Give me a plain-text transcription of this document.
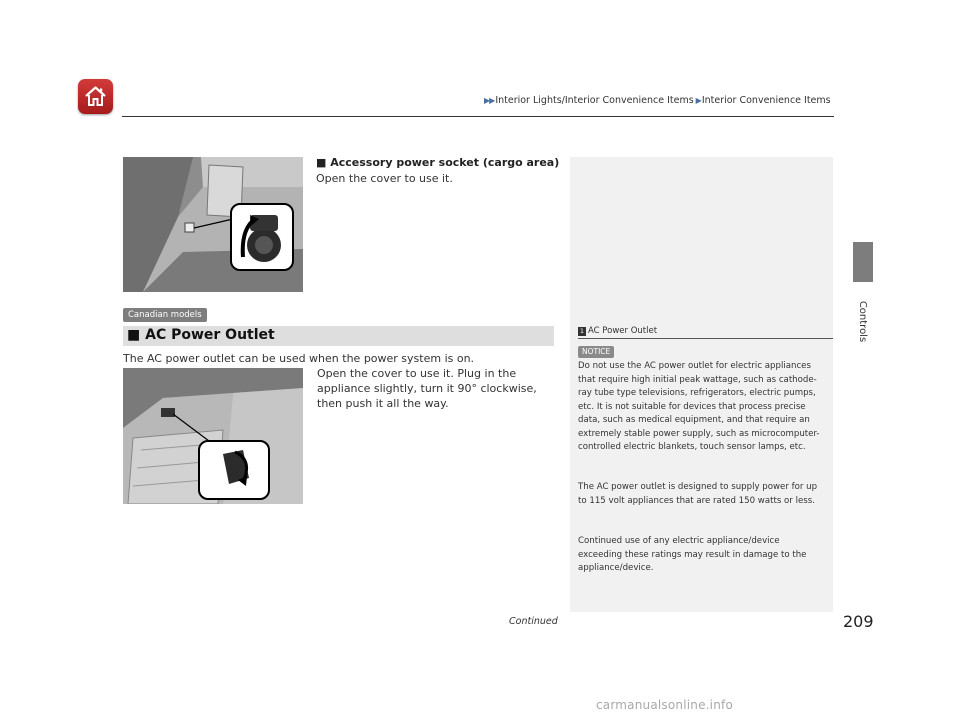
▶▶ Interior Lights/Interior Convenience Items ▶ Interior Convenience Items
Controls
■ Accessory power socket (cargo area)
Open the cover to use it.
Canadian models
■ AC Power Outlet
The AC power outlet can be used when the power system is on.
Open the cover to use it. Plug in the appliance slightly, turn it 90° clockwise, then push it all the way.
1 AC Power Outlet
NOTICE
Do not use the AC power outlet for electric appliances that require high initial peak wattage, such as cathode-ray tube type televisions, refrigerators, electric pumps, etc. It is not suitable for devices that process precise data, such as medical equipment, and that require an extremely stable power supply, such as microcomputer-controlled electric blankets, touch sensor lamps, etc.
The AC power outlet is designed to supply power for up to 115 volt appliances that are rated 150 watts or less.
Continued use of any electric appliance/device exceeding these ratings may result in damage to the appliance/device.
Continued	209
carmanualsonline.info
